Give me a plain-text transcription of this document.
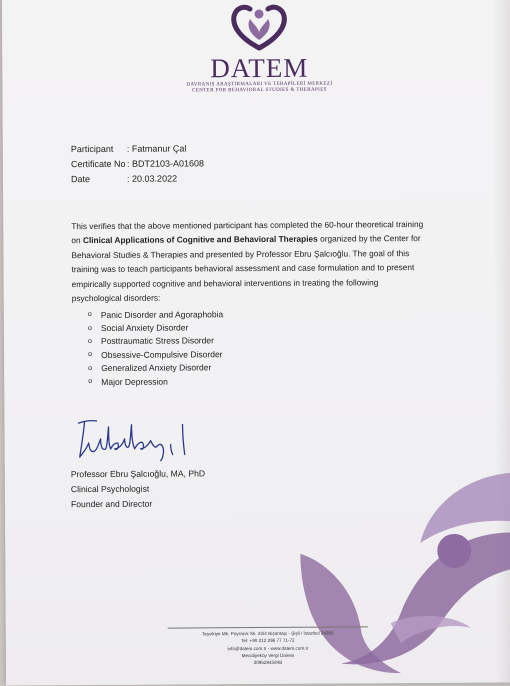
DATEM
DAVRANIŞ ARAŞTIRMALARI VE TERAPİLERİ MERKEZİ
CENTER FOR BEHAVIORAL STUDIES & THERAPIES
Participant	: Fatmanur Çal
Certificate No : BDT2103-A01608
Date	: 20.03.2022
This verifies that the above mentioned participant has completed the 60-hour theoretical training on Clinical Applications of Cognitive and Behavioral Therapies organized by the Center for Behavioral Studies & Therapies and presented by Professor Ebru Şalcıoğlu. The goal of this training was to teach participants behavioral assessment and case formulation and to present empirically supported cognitive and behavioral interventions in treating the following psychological disorders:
o	Panic Disorder and Agoraphobia
o	Social Anxiety Disorder
o	Posttraumatic Stress Disorder
o	Obsessive-Compulsive Disorder
o	Generalized Anxiety Disorder
o	Major Depression
Professor Ebru Şalcıoğlu, MA, PhD
Clinical Psychologist
Founder and Director
Teşvikiye Mh. Poyracık Sk. 43/4 Nişantaşı - Şişli / İstanbul 34365
Tel: +90 212 296 77 71-72
info@datem.com.tr - www.datem.com.tr
Mecidiyeköy Vergi Dairesi
3095284584B
